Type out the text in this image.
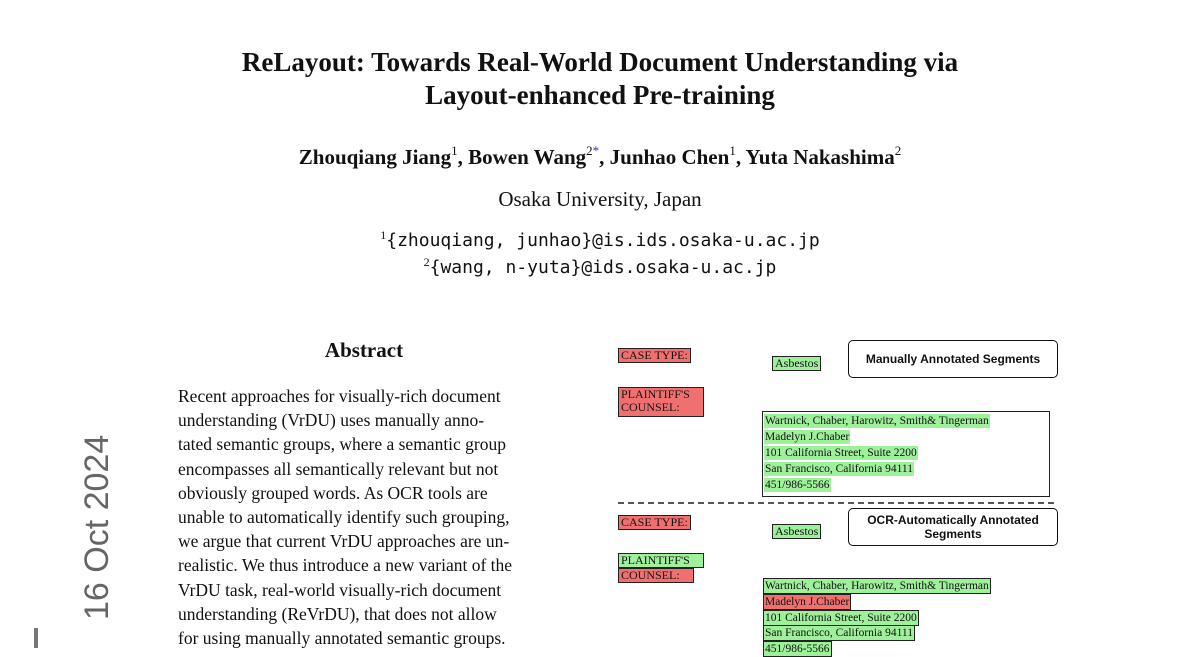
ReLayout: Towards Real-World Document Understanding via
Layout-enhanced Pre-training
Zhouqiang Jiang$^1$, Bowen Wang$^{2*}$, Junhao Chen$^1$, Yuta Nakashima$^2$
Osaka University, Japan
$^1${zhouqiang, junhao}@is.ids.osaka-u.ac.jp
$^2${wang, n-yuta}@ids.osaka-u.ac.jp
16 Oct 2024
Abstract
Recent approaches for visually-rich document
understanding (VrDU) uses manually anno-
tated semantic groups, where a semantic group
encompasses all semantically relevant but not
obviously grouped words. As OCR tools are
unable to automatically identify such grouping,
we argue that current VrDU approaches are un-
realistic. We thus introduce a new variant of the
VrDU task, real-world visually-rich document
understanding (ReVrDU), that does not allow
for using manually annotated semantic groups.
CASE TYPE:
Asbestos	Manually Annotated Segments
PLAINTIFF'S
COUNSEL:
Wartnick, Chaber, Harowitz, Smith& Tingerman
Madelyn J.Chaber
101 California Street, Suite 2200
San Francisco, California 94111
451/986-5566
CASE TYPE:
Asbestos
OCR-Automatically Annotated
Segments
PLAINTIFF'S
COUNSEL:
Wartnick, Chaber, Harowitz, Smith& Tingerman
Madelyn J.Chaber
101 California Street, Suite 2200
San Francisco, California 94111
451/986-5566
